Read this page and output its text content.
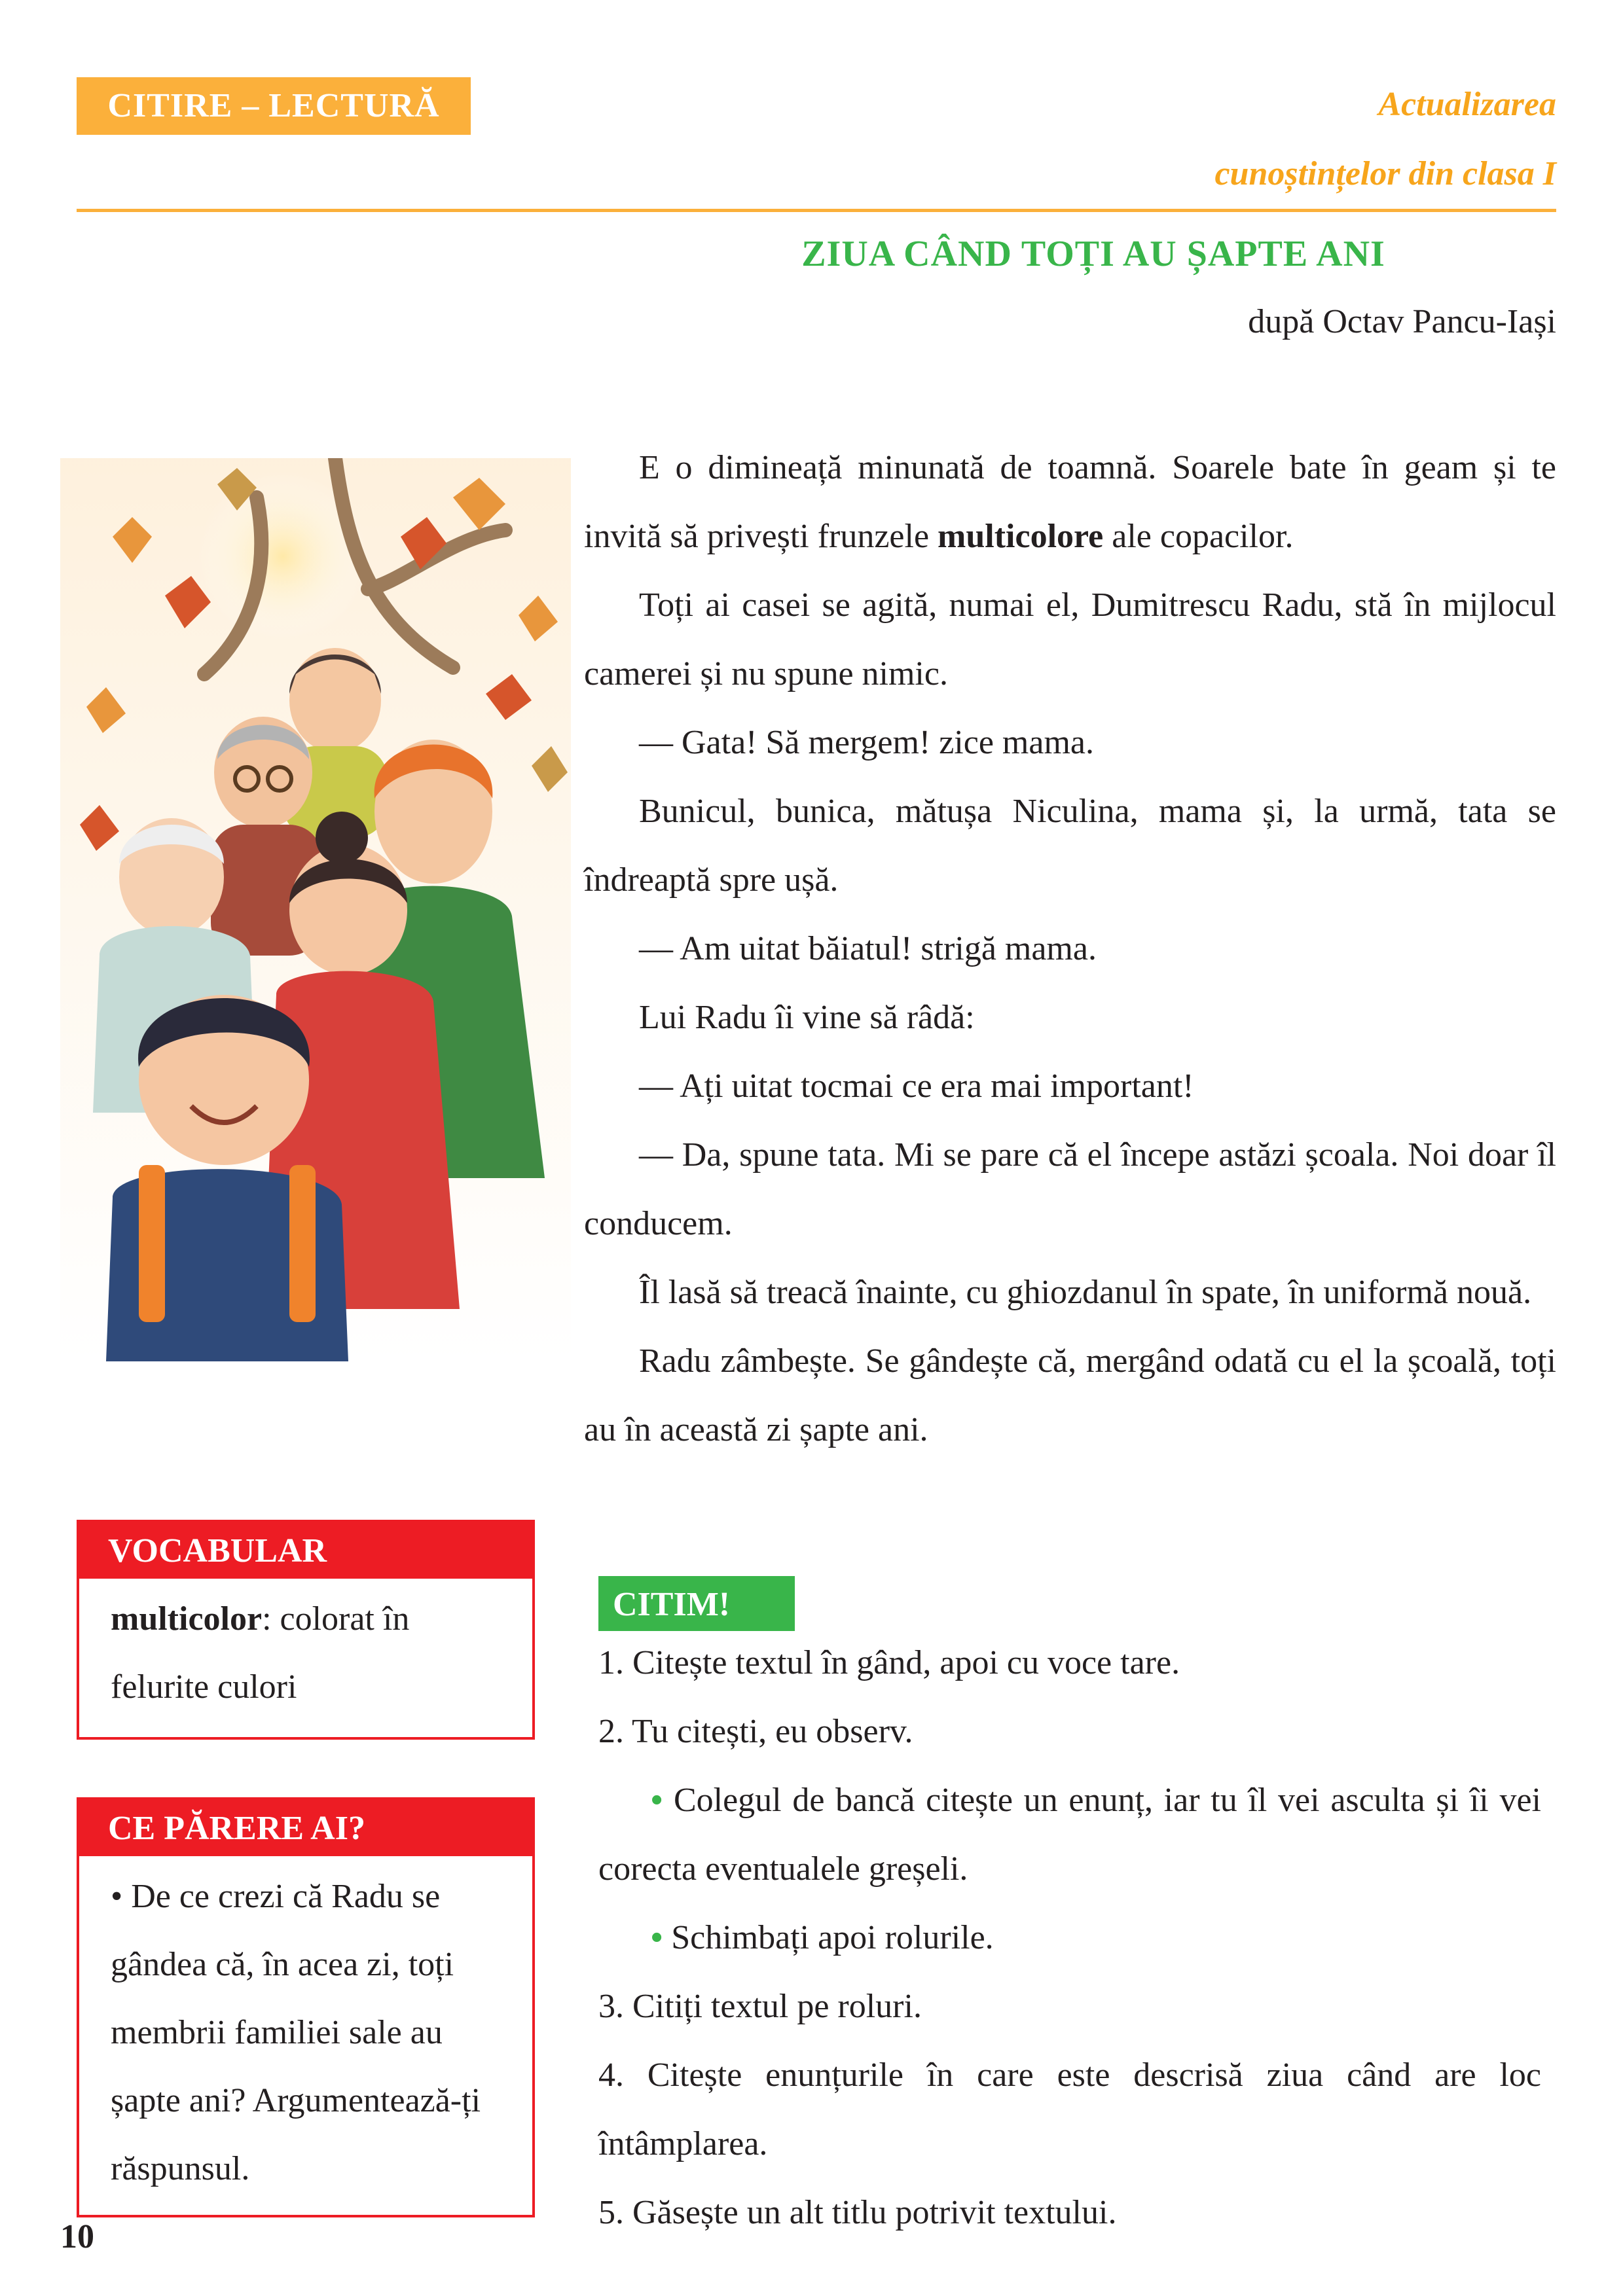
CITIRE – LECTURĂ	Actualizarea
cunoștințelor din clasa I
ZIUA CÂND TOȚI AU ȘAPTE ANI
după Octav Pancu-Iași

E o dimineață minunată de toamnă. Soarele bate în geam și te invită să privești frunzele multicolore ale copacilor.

Toți ai casei se agită, numai el, Dumitrescu Radu, stă în mijlocul camerei și nu spune nimic.

— Gata! Să mergem! zice mama.

Bunicul, bunica, mătușa Niculina, mama și, la urmă, tata se îndreaptă spre ușă.

— Am uitat băiatul! strigă mama.

Lui Radu îi vine să râdă:

— Ați uitat tocmai ce era mai important!

— Da, spune tata. Mi se pare că el începe astăzi școala. Noi doar îl conducem.

Îl lasă să treacă înainte, cu ghiozdanul în spate, în uniformă nouă.

Radu zâmbește. Se gândește că, mergând odată cu el la școală, toți au în această zi șapte ani.

VOCABULAR
multicolor: colorat în felurite culori
CE PĂRERE AI?
• De ce crezi că Radu se gândea că, în acea zi, toți membrii familiei sale au șapte ani? Argumentează-ți răspunsul.
CITIM!

1. Citește textul în gând, apoi cu voce tare.

2. Tu citești, eu observ.

• Colegul de bancă citește un enunț, iar tu îl vei asculta și îi vei corecta eventualele greșeli.

• Schimbați apoi rolurile.

3. Citiți textul pe roluri.

4. Citește enunțurile în care este descrisă ziua când are loc întâmplarea.

5. Găsește un alt titlu potrivit textului.

10
